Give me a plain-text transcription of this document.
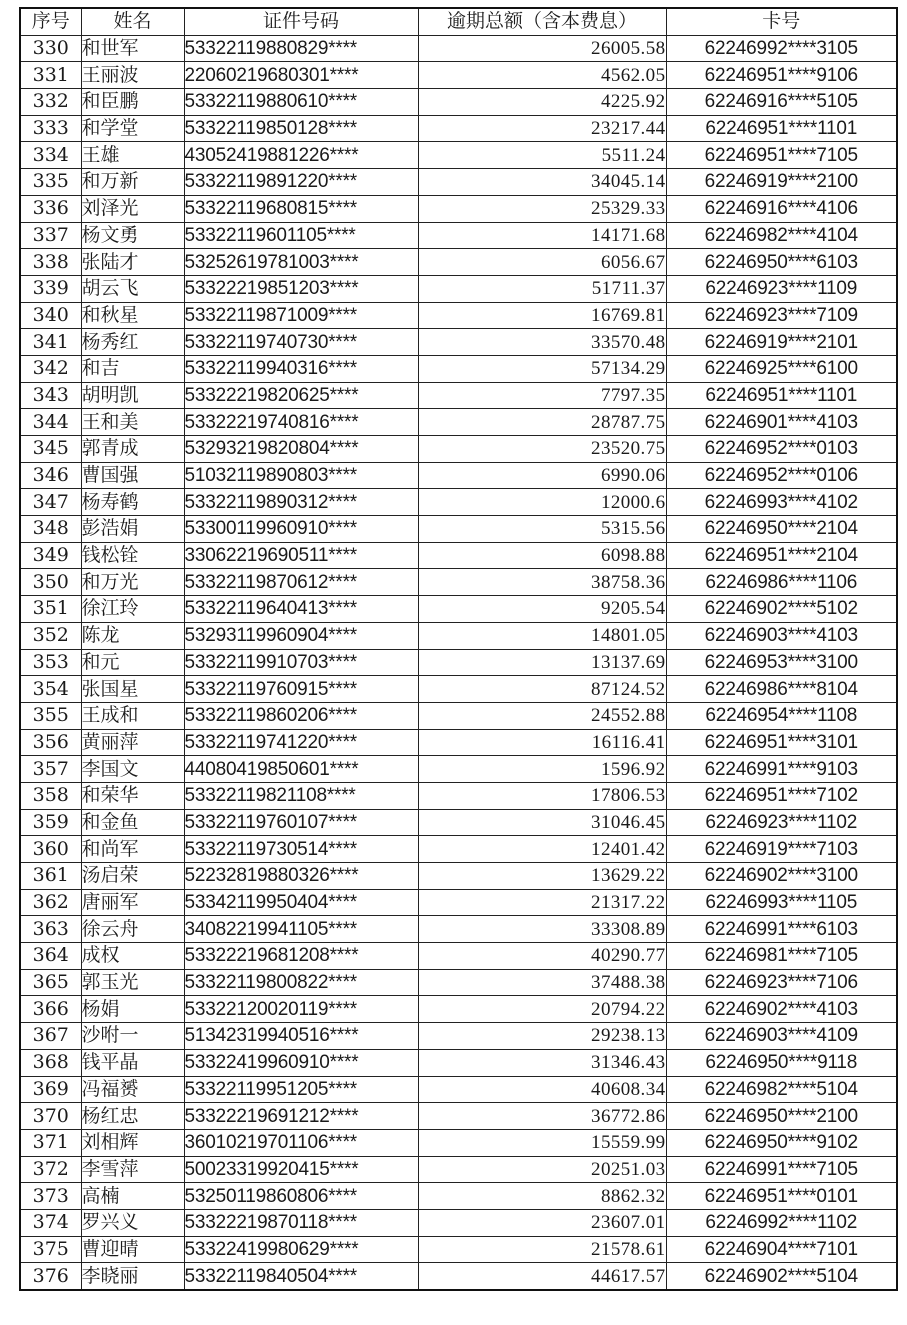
序号	姓名	证件号码	逾期总额（含本费息）	卡号
330	和世军	53322119880829****	26005.58	62246992****3105
331	王丽波	22060219680301****	4562.05	62246951****9106
332	和臣鹏	53322119880610****	4225.92	62246916****5105
333	和学堂	53322119850128****	23217.44	62246951****1101
334	王雄	43052419881226****	5511.24	62246951****7105
335	和万新	53322119891220****	34045.14	62246919****2100
336	刘泽光	53322119680815****	25329.33	62246916****4106
337	杨文勇	53322119601105****	14171.68	62246982****4104
338	张陆才	53252619781003****	6056.67	62246950****6103
339	胡云飞	53322219851203****	51711.37	62246923****1109
340	和秋星	53322119871009****	16769.81	62246923****7109
341	杨秀红	53322119740730****	33570.48	62246919****2101
342	和吉	53322119940316****	57134.29	62246925****6100
343	胡明凯	53322219820625****	7797.35	62246951****1101
344	王和美	53322219740816****	28787.75	62246901****4103
345	郭青成	53293219820804****	23520.75	62246952****0103
346	曹国强	51032119890803****	6990.06	62246952****0106
347	杨寿鹤	53322119890312****	12000.6	62246993****4102
348	彭浩娟	53300119960910****	5315.56	62246950****2104
349	钱松铨	33062219690511****	6098.88	62246951****2104
350	和万光	53322119870612****	38758.36	62246986****1106
351	徐江玲	53322119640413****	9205.54	62246902****5102
352	陈龙	53293119960904****	14801.05	62246903****4103
353	和元	53322119910703****	13137.69	62246953****3100
354	张国星	53322119760915****	87124.52	62246986****8104
355	王成和	53322119860206****	24552.88	62246954****1108
356	黄丽萍	53322119741220****	16116.41	62246951****3101
357	李国文	44080419850601****	1596.92	62246991****9103
358	和荣华	53322119821108****	17806.53	62246951****7102
359	和金鱼	53322119760107****	31046.45	62246923****1102
360	和尚军	53322119730514****	12401.42	62246919****7103
361	汤启荣	52232819880326****	13629.22	62246902****3100
362	唐丽军	53342119950404****	21317.22	62246993****1105
363	徐云舟	34082219941105****	33308.89	62246991****6103
364	成权	53322219681208****	40290.77	62246981****7105
365	郭玉光	53322119800822****	37488.38	62246923****7106
366	杨娟	53322120020119****	20794.22	62246902****4103
367	沙咐一	51342319940516****	29238.13	62246903****4109
368	钱平晶	53322419960910****	31346.43	62246950****9118
369	冯福赟	53322119951205****	40608.34	62246982****5104
370	杨红忠	53322219691212****	36772.86	62246950****2100
371	刘相辉	36010219701106****	15559.99	62246950****9102
372	李雪萍	50023319920415****	20251.03	62246991****7105
373	高楠	53250119860806****	8862.32	62246951****0101
374	罗兴义	53322219870118****	23607.01	62246992****1102
375	曹迎晴	53322419980629****	21578.61	62246904****7101
376	李晓丽	53322119840504****	44617.57	62246902****5104
